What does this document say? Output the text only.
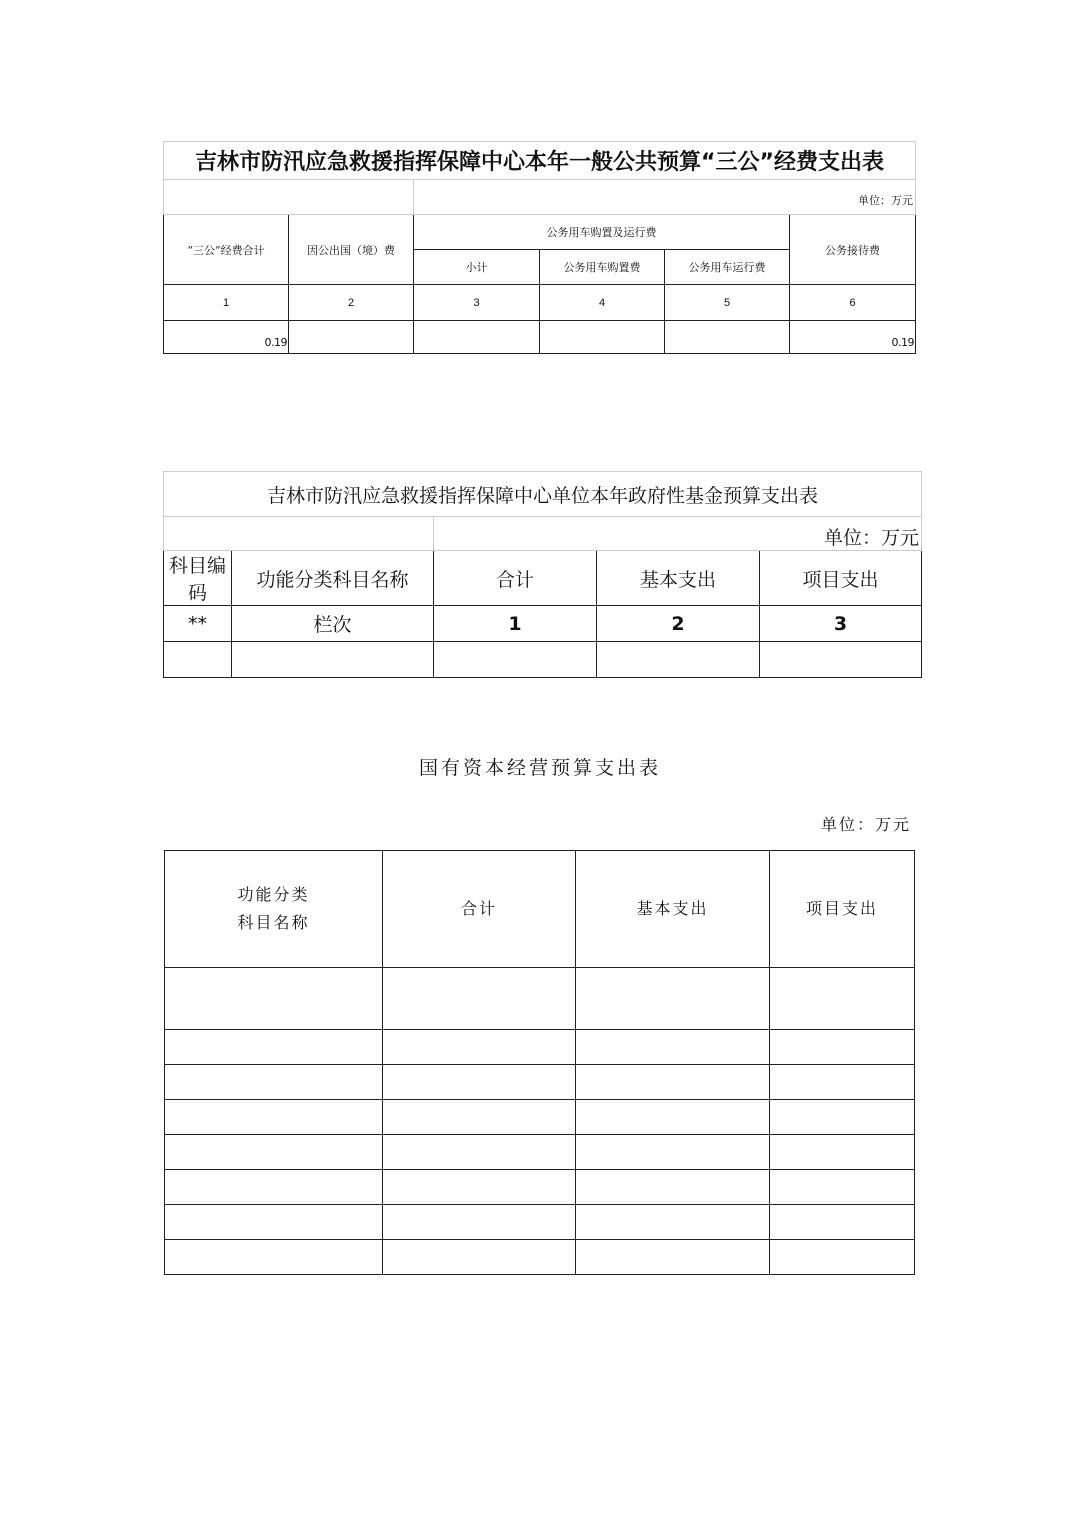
吉林市防汛应急救援指挥保障中心本年一般公共预算“三公”经费支出表					
		单位：万元			
“三公”经费合计	因公出国（境）费	公务用车购置及运行费			公务接待费
		小计	公务用车购置费	公务用车运行费	
1	2	3	4	5	6
0.19					0.19
吉林市防汛应急救援指挥保障中心单位本年政府性基金预算支出表				
		单位：万元		
科目编码	功能分类科目名称	合计	基本支出	项目支出
**	栏次	1	2	3

国有资本经营预算支出表
单位：万元
功能分类
科目名称	合计	基本支出	项目支出
